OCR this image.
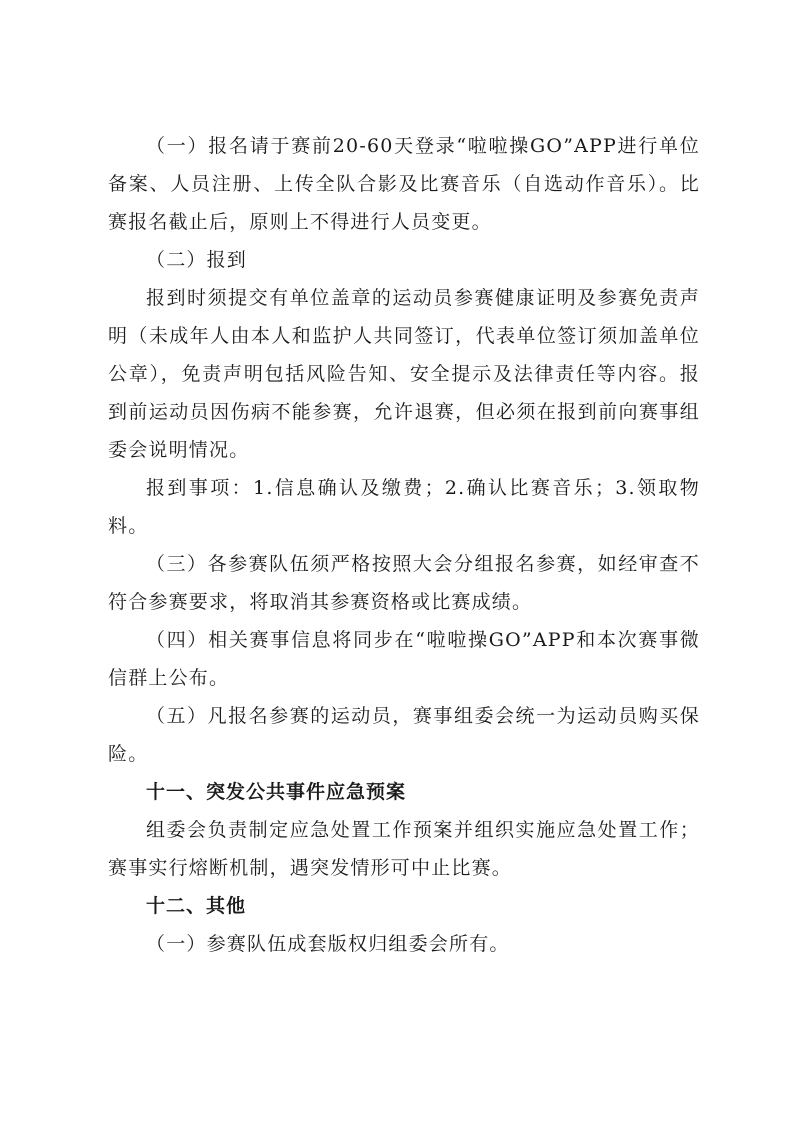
（一）报名请于赛前20-60天登录“啦啦操GO”APP进行单位备案、人员注册、上传全队合影及比赛音乐（自选动作音乐）。比赛报名截止后，原则上不得进行人员变更。

（二）报到

报到时须提交有单位盖章的运动员参赛健康证明及参赛免责声明（未成年人由本人和监护人共同签订，代表单位签订须加盖单位公章），免责声明包括风险告知、安全提示及法律责任等内容。报到前运动员因伤病不能参赛，允许退赛，但必须在报到前向赛事组委会说明情况。

报到事项：1.信息确认及缴费；2.确认比赛音乐；3.领取物料。

（三）各参赛队伍须严格按照大会分组报名参赛，如经审查不符合参赛要求，将取消其参赛资格或比赛成绩。

（四）相关赛事信息将同步在“啦啦操GO”APP和本次赛事微信群上公布。

（五）凡报名参赛的运动员，赛事组委会统一为运动员购买保险。

十一、突发公共事件应急预案

组委会负责制定应急处置工作预案并组织实施应急处置工作；赛事实行熔断机制，遇突发情形可中止比赛。

十二、其他

（一）参赛队伍成套版权归组委会所有。
